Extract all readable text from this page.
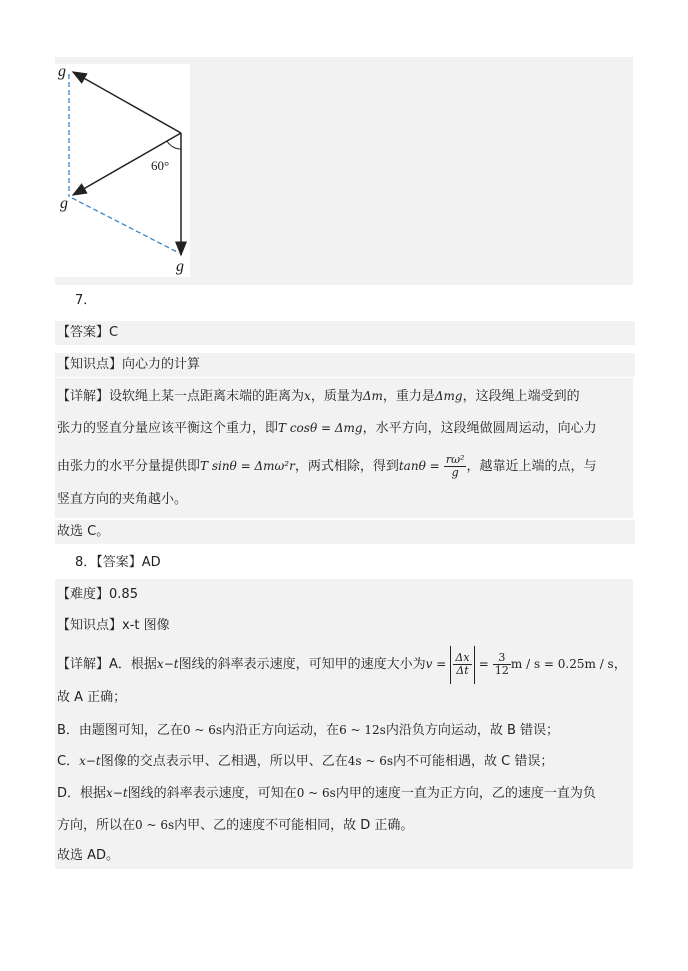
60°
g
g
g
7．
【答案】C
【知识点】向心力的计算
【详解】设软绳上某一点距离末端的距离为x，质量为Δm，重力是Δmg，这段绳上端受到的
张力的竖直分量应该平衡这个重力，即T cosθ = Δmg，水平方向，这段绳做圆周运动，向心力
由张力的水平分量提供即T sinθ = Δmω²r，两式相除，得到$\tan\theta = \frac{\text{rω²}}{g}$ ，越靠近上端的点，与
竖直方向的夹角越小。
故选 C。
8．【答案】AD
【难度】0.85
【知识点】x-t 图像
【详解】A．根据x−t图线的斜率表示速度，可知甲的速度大小为$v = \frac{\Delta x}{\Delta t} = \frac{3}{12}$ m / s = 0.25m / s，
故 A 正确；
B．由题图可知，乙在0 ~ 6s内沿正方向运动，在6 ~ 12s内沿负方向运动，故 B 错误；
C．x−t图像的交点表示甲、乙相遇，所以甲、乙在4s ~ 6s内不可能相遇，故 C 错误；
D．根据x−t图线的斜率表示速度，可知在0 ~ 6s内甲的速度一直为正方向，乙的速度一直为负
方向，所以在0 ~ 6s内甲、乙的速度不可能相同，故 D 正确。
故选 AD。
